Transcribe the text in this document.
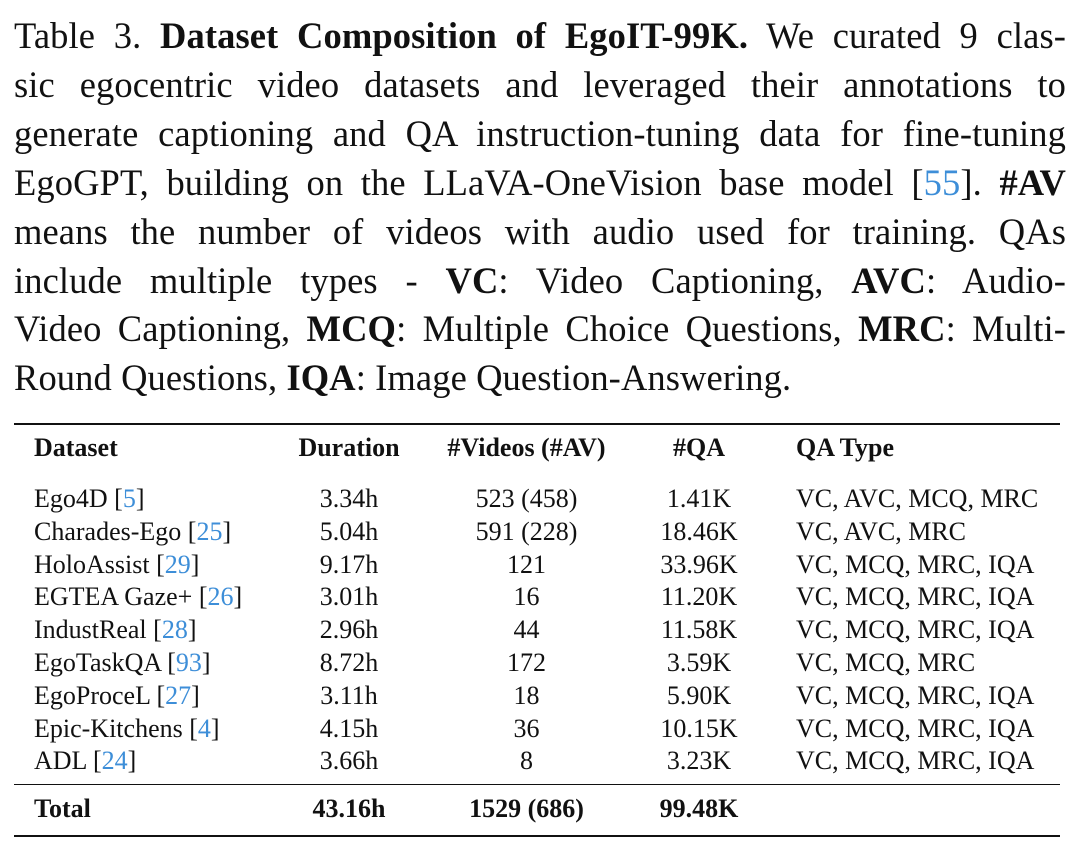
Table 3. Dataset Composition of EgoIT-99K. We curated 9 clas-
sic egocentric video datasets and leveraged their annotations to
generate captioning and QA instruction-tuning data for fine-tuning
EgoGPT, building on the LLaVA-OneVision base model [55]. #AV
means the number of videos with audio used for training. QAs
include multiple types - VC: Video Captioning, AVC: Audio-
Video Captioning, MCQ: Multiple Choice Questions, MRC: Multi-
Round Questions, IQA: Image Question-Answering.
Dataset	Duration	#Videos (#AV)	#QA	QA Type
Ego4D [5]	3.34h	523 (458)	1.41K	VC, AVC, MCQ, MRC
Charades-Ego [25]	5.04h	591 (228)	18.46K	VC, AVC, MRC
HoloAssist [29]	9.17h	121	33.96K	VC, MCQ, MRC, IQA
EGTEA Gaze+ [26]	3.01h	16	11.20K	VC, MCQ, MRC, IQA
IndustReal [28]	2.96h	44	11.58K	VC, MCQ, MRC, IQA
EgoTaskQA [93]	8.72h	172	3.59K	VC, MCQ, MRC
EgoProceL [27]	3.11h	18	5.90K	VC, MCQ, MRC, IQA
Epic-Kitchens [4]	4.15h	36	10.15K	VC, MCQ, MRC, IQA
ADL [24]	3.66h	8	3.23K	VC, MCQ, MRC, IQA
Total	43.16h	1529 (686)	99.48K	
